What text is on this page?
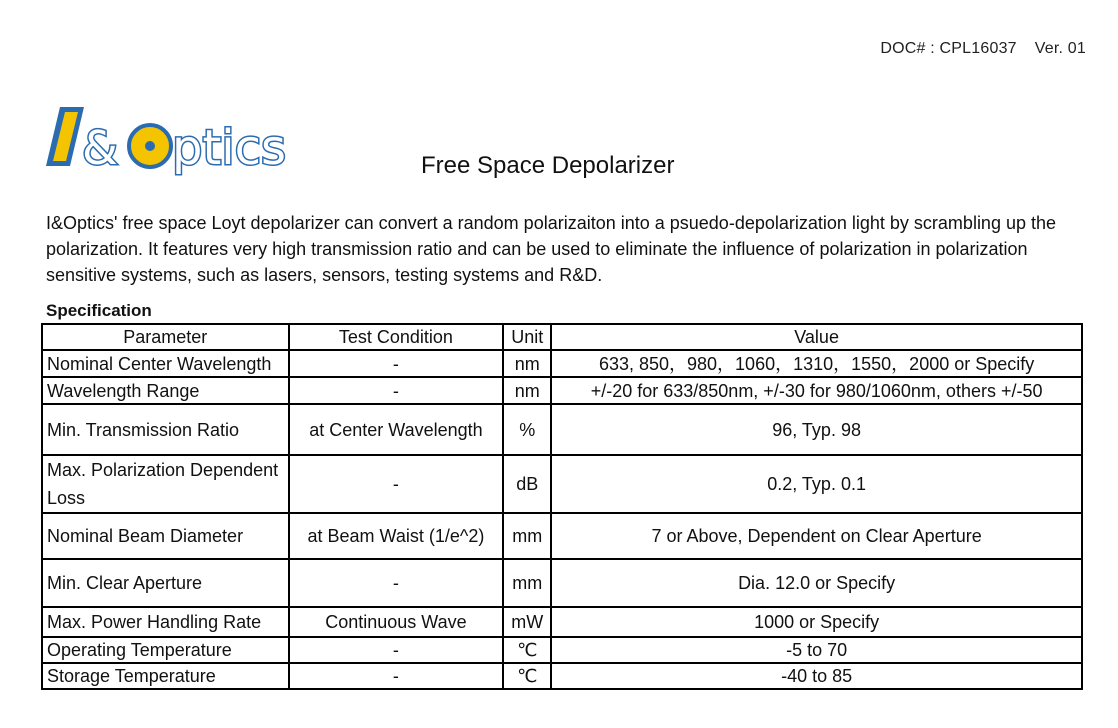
DOC# : CPL16037 Ver. 01
& ptics	Free Space Depolarizer
I&Optics' free space Loyt depolarizer can convert a random polarizaiton into a psuedo-depolarization light by scrambling up the polarization. It features very high transmission ratio and can be used to eliminate the influence of polarization in polarization sensitive systems, such as lasers, sensors, testing systems and R&D.
Specification
Parameter	Test Condition	Unit	Value
Nominal Center Wavelength	-	nm	633, 850，980，1060，1310，1550，2000 or Specify
Wavelength Range	-	nm	+/-20 for 633/850nm, +/-30 for 980/1060nm, others +/-50
Min. Transmission Ratio	at Center Wavelength	%	96, Typ. 98
Max. Polarization Dependent Loss	-	dB	0.2, Typ. 0.1
Nominal Beam Diameter	at Beam Waist (1/e^2)	mm	7 or Above, Dependent on Clear Aperture
Min. Clear Aperture	-	mm	Dia. 12.0 or Specify
Max. Power Handling Rate	Continuous Wave	mW	1000 or Specify
Operating Temperature	-	℃	-5 to 70
Storage Temperature	-	℃	-40 to 85
